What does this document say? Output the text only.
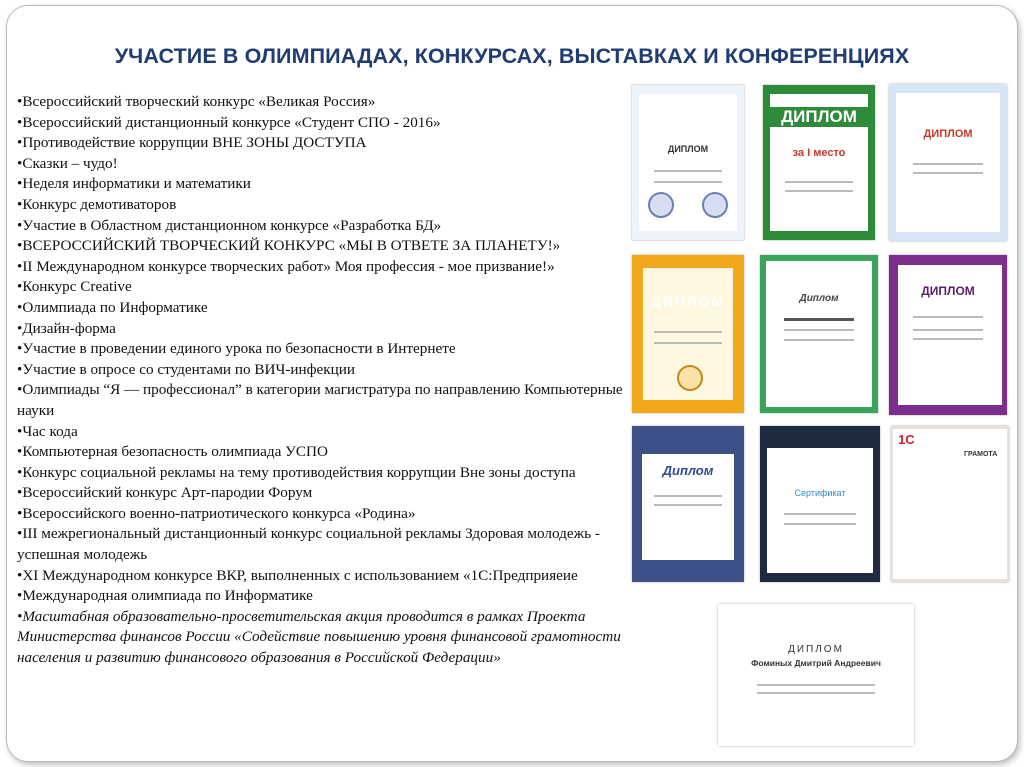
УЧАСТИЕ В ОЛИМПИАДАХ, КОНКУРСАХ, ВЫСТАВКАХ И КОНФЕРЕНЦИЯХ
•Всероссийский творческий конкурс «Великая Россия»
•Всероссийский дистанционный конкурсе «Студент СПО - 2016»
•Противодействие коррупции ВНЕ ЗОНЫ ДОСТУПА
•Сказки – чудо!
•Неделя информатики и математики
•Конкурс демотиваторов
•Участие в Областном дистанционном конкурсе «Разработка БД»
•ВСЕРОССИЙСКИЙ ТВОРЧЕСКИЙ КОНКУРС «МЫ В ОТВЕТЕ ЗА ПЛАНЕТУ!»
•II Международном конкурсе творческих работ» Моя профессия - мое призвание!»
•Конкурс Creative
•Олимпиада по Информатике
•Дизайн-форма
•Участие в проведении единого урока по безопасности в Интернете
•Участие в опросе со студентами по ВИЧ-инфекции
•Олимпиады “Я — профессионал” в категории магистратура по направлению Компьютерные науки
•Час кода
•Компьютерная безопасность олимпиада УСПО
•Конкурс социальной рекламы на тему противодействия коррупции Вне зоны доступа
•Всероссийский конкурс Арт-пародии Форум
•Всероссийского военно-патриотического конкурса «Родина»
•III межрегиональный дистанционный конкурс социальной рекламы Здоровая молодежь - успешная молодежь
•XI Международном конкурсе ВКР, выполненных с использованием «1С:Предприяеие
•Международная олимпиада по Информатике
•Масштабная образовательно-просветительская акция проводится в рамках Проекта Министерства финансов России «Содействие повышению уровня финансовой грамотности населения и развитию финансового образования в Российской Федерации»
ДИПЛОМ
ДИПЛОМ
за I место
ДИПЛОМ
ДИПЛОМ	Диплом
ДИПЛОМ
Диплом
Сертификат
1С
ГРАМОТА
ДИПЛОМ
Фоминых Дмитрий Андреевич
